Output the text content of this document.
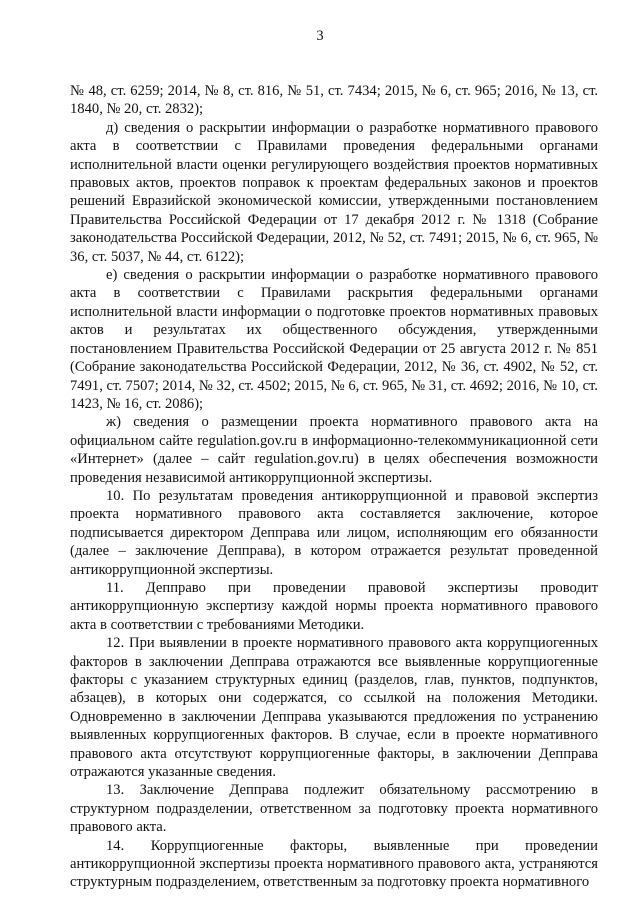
3

№ 48, ст. 6259; 2014, № 8, ст. 816, № 51, ст. 7434; 2015, № 6, ст. 965; 2016, № 13, ст. 1840, № 20, ст. 2832);

д) сведения о раскрытии информации о разработке нормативного правового акта в соответствии с Правилами проведения федеральными органами исполнительной власти оценки регулирующего воздействия проектов нормативных правовых актов, проектов поправок к проектам федеральных законов и проектов решений Евразийской экономической комиссии, утвержденными постановлением Правительства Российской Федерации от 17 декабря 2012 г. № 1318 (Собрание законодательства Российской Федерации, 2012, № 52, ст. 7491; 2015, № 6, ст. 965, № 36, ст. 5037, № 44, ст. 6122);

е) сведения о раскрытии информации о разработке нормативного правового акта в соответствии с Правилами раскрытия федеральными органами исполнительной власти информации о подготовке проектов нормативных правовых актов и результатах их общественного обсуждения, утвержденными постановлением Правительства Российской Федерации от 25 августа 2012 г. № 851 (Собрание законодательства Российской Федерации, 2012, № 36, ст. 4902, № 52, ст. 7491, ст. 7507; 2014, № 32, ст. 4502; 2015, № 6, ст. 965, № 31, ст. 4692; 2016, № 10, ст. 1423, № 16, ст. 2086);

ж) сведения о размещении проекта нормативного правового акта на официальном сайте regulation.gov.ru в информационно-телекоммуникационной сети «Интернет» (далее – сайт regulation.gov.ru) в целях обеспечения возможности проведения независимой антикоррупционной экспертизы.

10. По результатам проведения антикоррупционной и правовой экспертиз проекта нормативного правового акта составляется заключение, которое подписывается директором Депправа или лицом, исполняющим его обязанности (далее – заключение Депправа), в котором отражается результат проведенной антикоррупционной экспертизы.

11. Депправо при проведении правовой экспертизы проводит антикоррупционную экспертизу каждой нормы проекта нормативного правового акта в соответствии с требованиями Методики.

12. При выявлении в проекте нормативного правового акта коррупциогенных факторов в заключении Депправа отражаются все выявленные коррупциогенные факторы с указанием структурных единиц (разделов, глав, пунктов, подпунктов, абзацев), в которых они содержатся, со ссылкой на положения Методики. Одновременно в заключении Депправа указываются предложения по устранению выявленных коррупциогенных факторов. В случае, если в проекте нормативного правового акта отсутствуют коррупциогенные факторы, в заключении Депправа отражаются указанные сведения.

13. Заключение Депправа подлежит обязательному рассмотрению в структурном подразделении, ответственном за подготовку проекта нормативного правового акта.

14. Коррупциогенные факторы, выявленные при проведении антикоррупционной экспертизы проекта нормативного правового акта, устраняются структурным подразделением, ответственным за подготовку проекта нормативного
